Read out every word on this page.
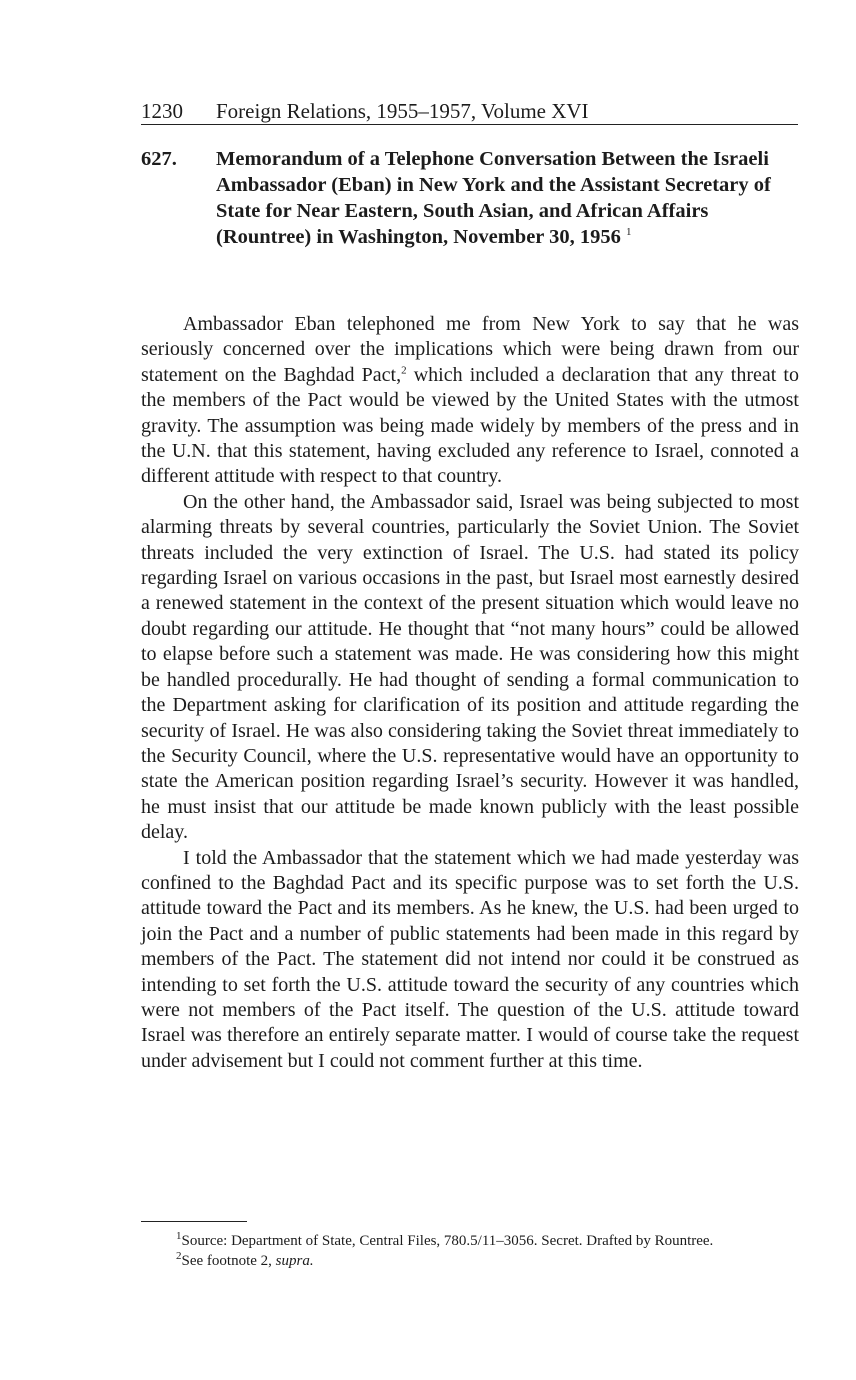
1230 Foreign Relations, 1955–1957, Volume XVI
627. Memorandum of a Telephone Conversation Between the Israeli Ambassador (Eban) in New York and the Assistant Secretary of State for Near Eastern, South Asian, and African Affairs (Rountree) in Washington, November 30, 1956 $^1$

Ambassador Eban telephoned me from New York to say that he was seriously concerned over the implications which were being drawn from our statement on the Baghdad Pact,$^2$ which included a declaration that any threat to the members of the Pact would be viewed by the United States with the utmost gravity. The assumption was being made widely by members of the press and in the U.N. that this statement, having excluded any reference to Israel, connoted a different attitude with respect to that country.

On the other hand, the Ambassador said, Israel was being subjected to most alarming threats by several countries, particularly the Soviet Union. The Soviet threats included the very extinction of Israel. The U.S. had stated its policy regarding Israel on various occasions in the past, but Israel most earnestly desired a renewed statement in the context of the present situation which would leave no doubt regarding our attitude. He thought that “not many hours” could be allowed to elapse before such a statement was made. He was considering how this might be handled procedurally. He had thought of sending a formal communication to the Department asking for clarification of its position and attitude regarding the security of Israel. He was also considering taking the Soviet threat immediately to the Security Council, where the U.S. representative would have an opportunity to state the American position regarding Israel’s security. However it was handled, he must insist that our attitude be made known publicly with the least possible delay.

I told the Ambassador that the statement which we had made yesterday was confined to the Baghdad Pact and its specific purpose was to set forth the U.S. attitude toward the Pact and its members. As he knew, the U.S. had been urged to join the Pact and a number of public statements had been made in this regard by members of the Pact. The statement did not intend nor could it be construed as intending to set forth the U.S. attitude toward the security of any countries which were not members of the Pact itself. The question of the U.S. attitude toward Israel was therefore an entirely separate matter. I would of course take the request under advisement but I could not comment further at this time.

$^1$Source: Department of State, Central Files, 780.5/11–3056. Secret. Drafted by Rountree.

$^2$See footnote 2, supra.
